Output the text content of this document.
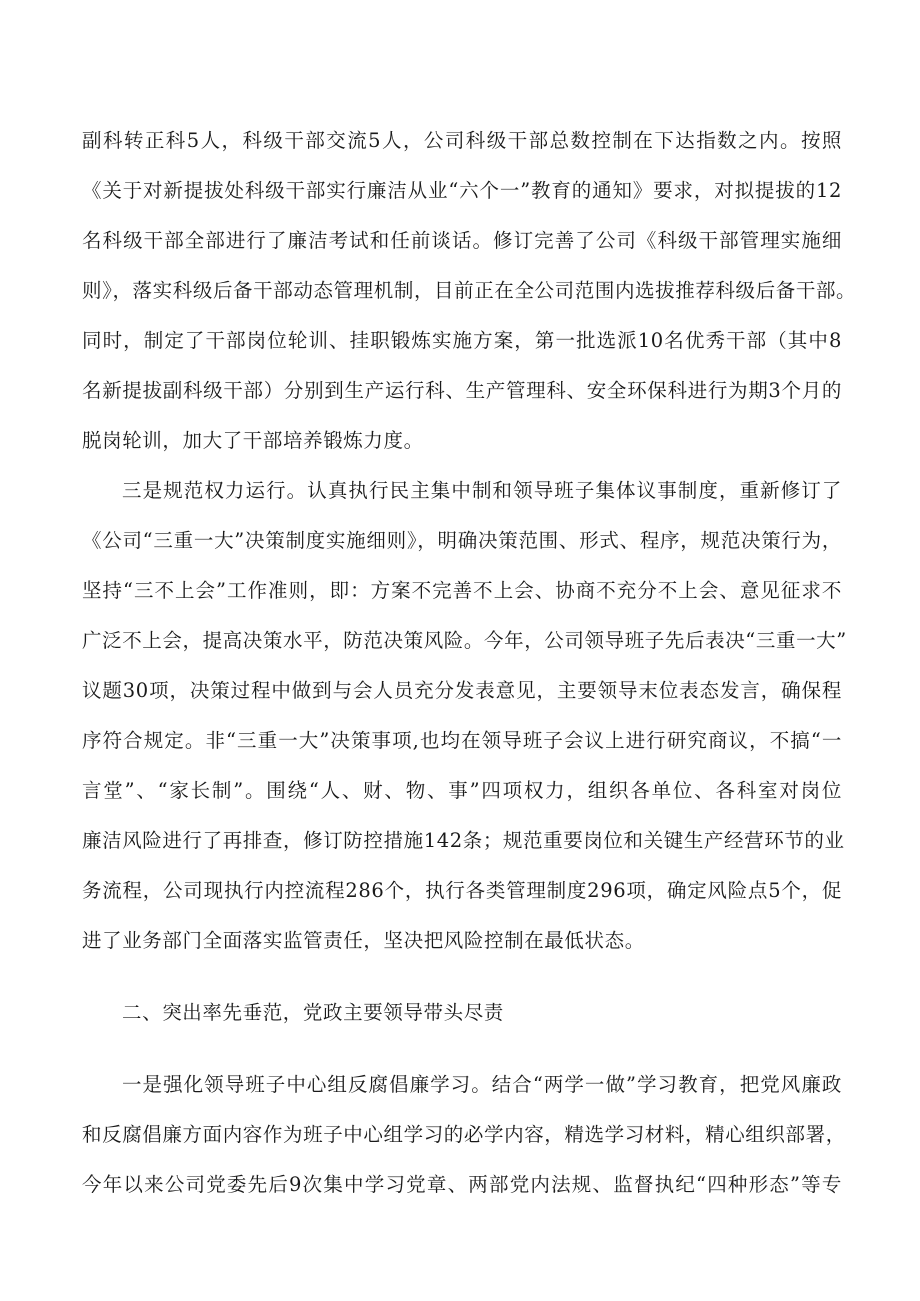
副科转正科5人，科级干部交流5人，公司科级干部总数控制在下达指数之内。按照
《关于对新提拔处科级干部实行廉洁从业“六个一”教育的通知》要求，对拟提拔的12
名科级干部全部进行了廉洁考试和任前谈话。修订完善了公司《科级干部管理实施细
则》，落实科级后备干部动态管理机制，目前正在全公司范围内选拔推荐科级后备干部。
同时，制定了干部岗位轮训、挂职锻炼实施方案，第一批选派10名优秀干部（其中8
名新提拔副科级干部）分别到生产运行科、生产管理科、安全环保科进行为期3个月的
脱岗轮训，加大了干部培养锻炼力度。
三是规范权力运行。认真执行民主集中制和领导班子集体议事制度，重新修订了
《公司“三重一大”决策制度实施细则》，明确决策范围、形式、程序，规范决策行为，
坚持“三不上会”工作准则，即：方案不完善不上会、协商不充分不上会、意见征求不
广泛不上会，提高决策水平，防范决策风险。今年，公司领导班子先后表决“三重一大”
议题30项，决策过程中做到与会人员充分发表意见，主要领导末位表态发言，确保程
序符合规定。非“三重一大”决策事项,也均在领导班子会议上进行研究商议，不搞“一
言堂”、“家长制”。围绕“人、财、物、事”四项权力，组织各单位、各科室对岗位
廉洁风险进行了再排查，修订防控措施142条；规范重要岗位和关键生产经营环节的业
务流程，公司现执行内控流程286个，执行各类管理制度296项，确定风险点5个，促
进了业务部门全面落实监管责任，坚决把风险控制在最低状态。
二、突出率先垂范，党政主要领导带头尽责
一是强化领导班子中心组反腐倡廉学习。结合“两学一做”学习教育，把党风廉政
和反腐倡廉方面内容作为班子中心组学习的必学内容，精选学习材料，精心组织部署，
今年以来公司党委先后9次集中学习党章、两部党内法规、监督执纪“四种形态”等专
